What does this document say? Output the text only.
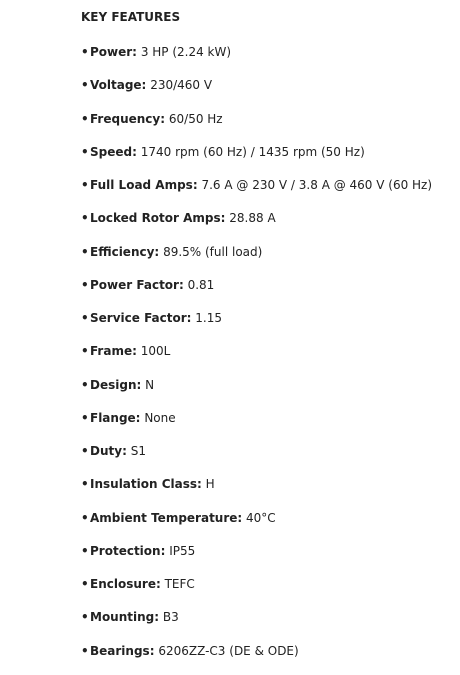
KEY FEATURES
•Power: 3 HP (2.24 kW)
•Voltage: 230/460 V
•Frequency: 60/50 Hz
•Speed: 1740 rpm (60 Hz) / 1435 rpm (50 Hz)
•Full Load Amps: 7.6 A @ 230 V / 3.8 A @ 460 V (60 Hz)
•Locked Rotor Amps: 28.88 A
•Efficiency: 89.5% (full load)
•Power Factor: 0.81
•Service Factor: 1.15
•Frame: 100L
•Design: N
•Flange: None
•Duty: S1
•Insulation Class: H
•Ambient Temperature: 40°C
•Protection: IP55
•Enclosure: TEFC
•Mounting: B3
•Bearings: 6206ZZ-C3 (DE & ODE)
